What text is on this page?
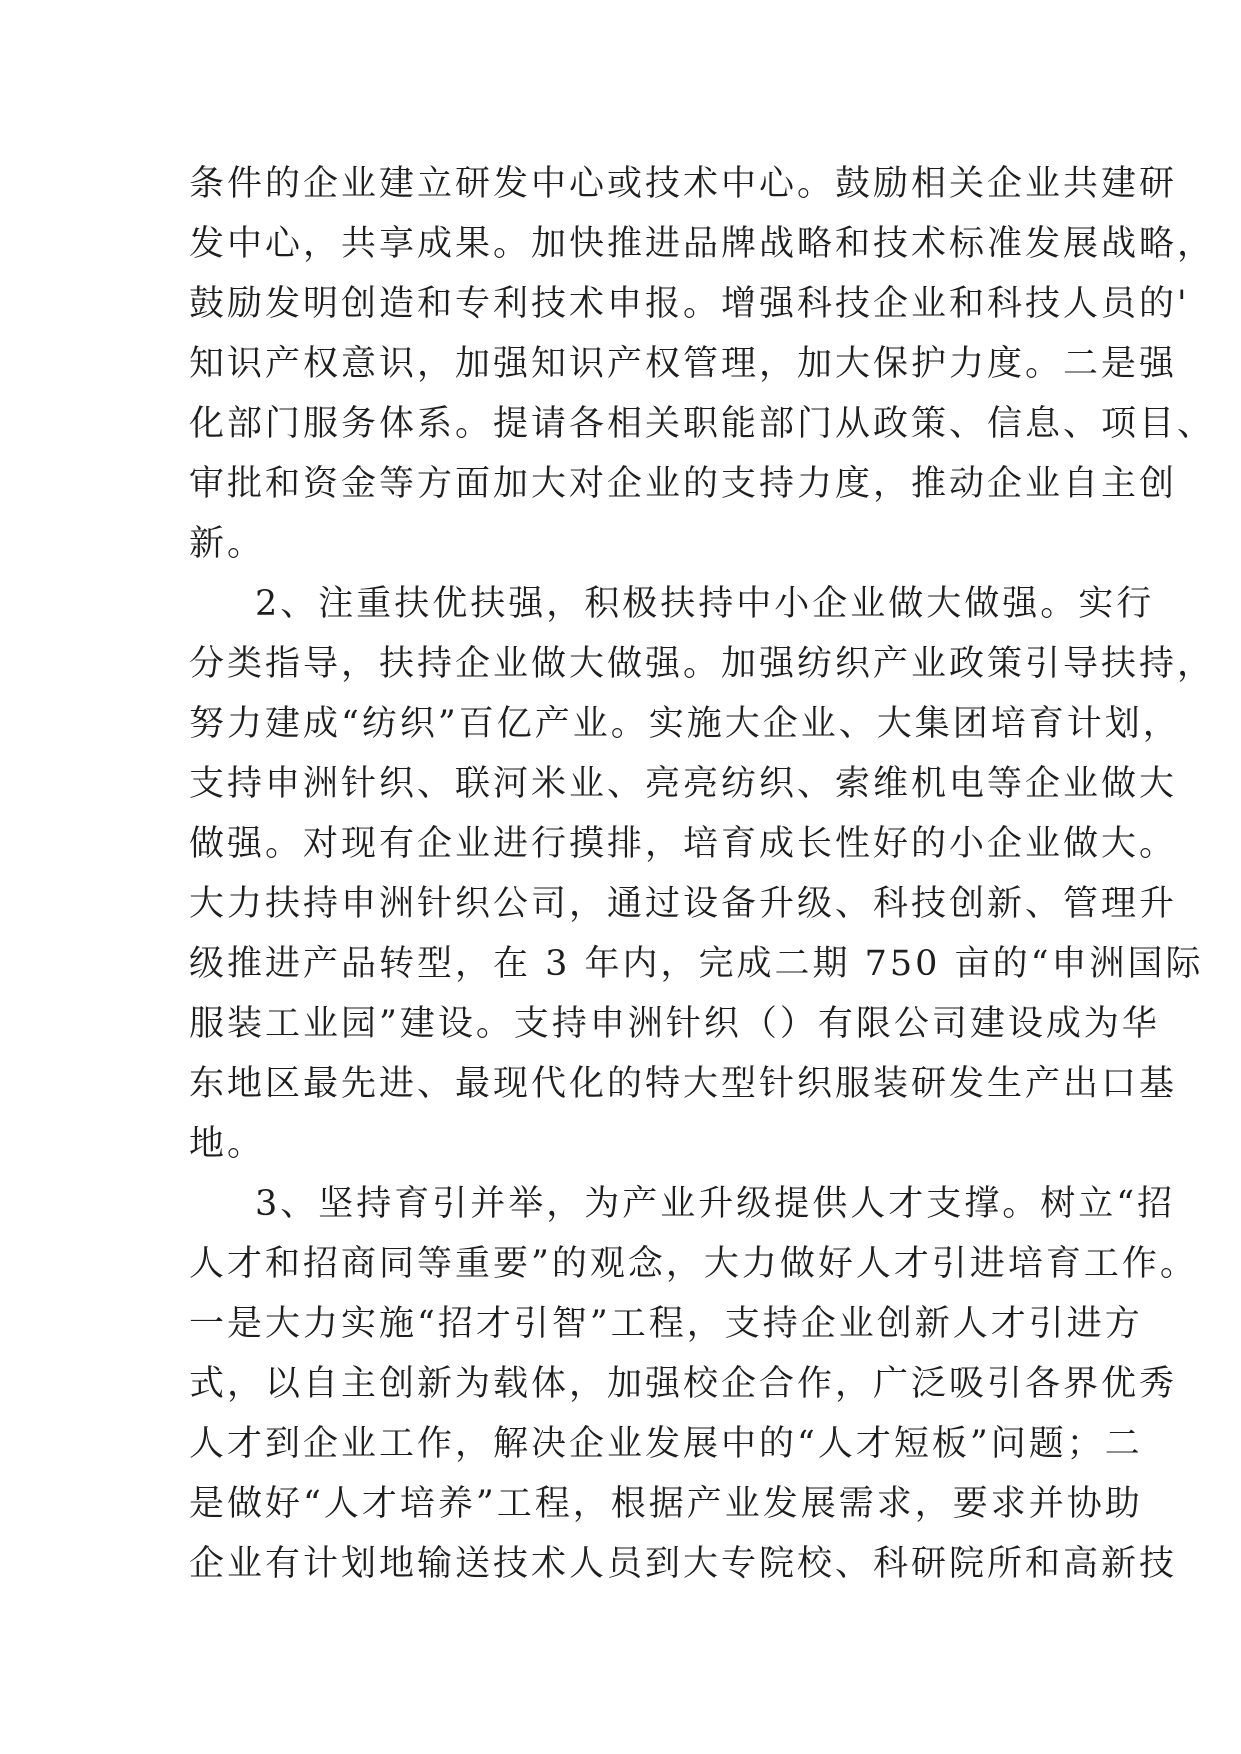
条件的企业建立研发中心或技术中心。鼓励相关企业共建研
发中心，共享成果。加快推进品牌战略和技术标准发展战略，
鼓励发明创造和专利技术申报。增强科技企业和科技人员的'
知识产权意识，加强知识产权管理，加大保护力度。二是强
化部门服务体系。提请各相关职能部门从政策、信息、项目、
审批和资金等方面加大对企业的支持力度，推动企业自主创
新。
2、注重扶优扶强，积极扶持中小企业做大做强。实行
分类指导，扶持企业做大做强。加强纺织产业政策引导扶持，
努力建成“纺织”百亿产业。实施大企业、大集团培育计划，
支持申洲针织、联河米业、亮亮纺织、索维机电等企业做大
做强。对现有企业进行摸排，培育成长性好的小企业做大。
大力扶持申洲针织公司，通过设备升级、科技创新、管理升
级推进产品转型，在 3 年内，完成二期 750 亩的“申洲国际
服装工业园”建设。支持申洲针织（）有限公司建设成为华
东地区最先进、最现代化的特大型针织服装研发生产出口基
地。
3、坚持育引并举，为产业升级提供人才支撑。树立“招
人才和招商同等重要”的观念，大力做好人才引进培育工作。
一是大力实施“招才引智”工程，支持企业创新人才引进方
式，以自主创新为载体，加强校企合作，广泛吸引各界优秀
人才到企业工作，解决企业发展中的“人才短板”问题；二
是做好“人才培养”工程，根据产业发展需求，要求并协助
企业有计划地输送技术人员到大专院校、科研院所和高新技
